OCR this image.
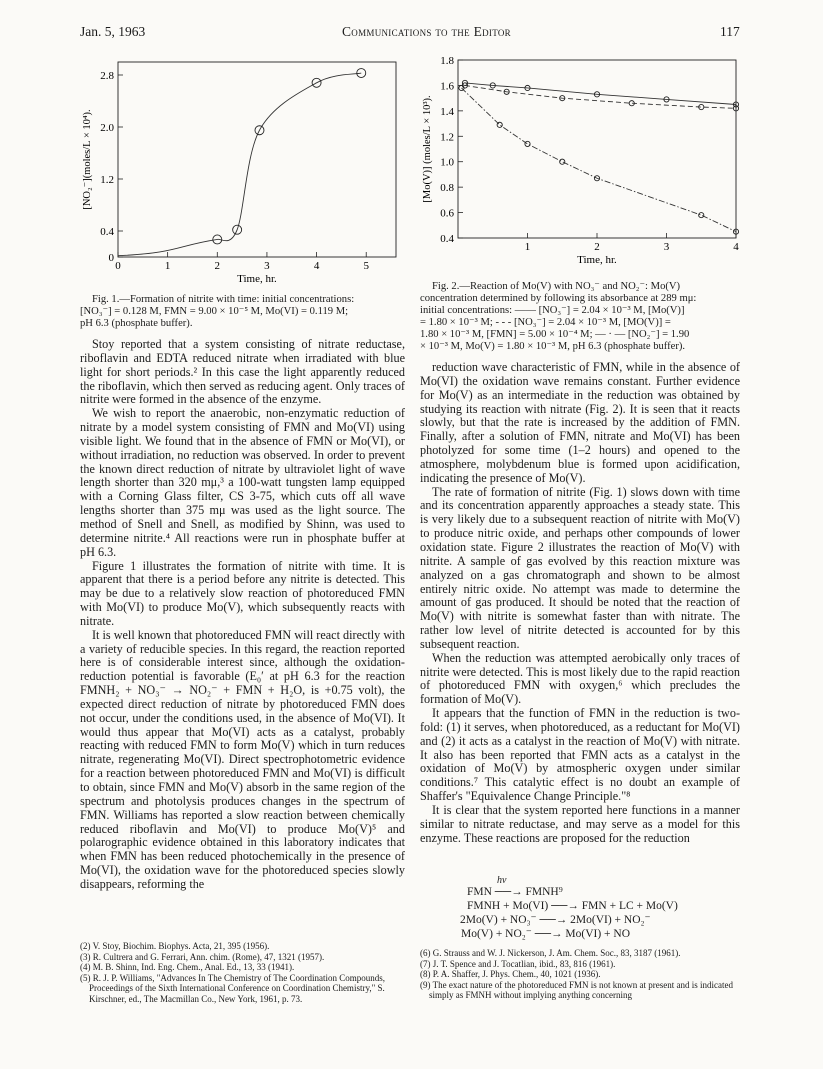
Jan. 5, 1963	Communications to the Editor	117
0	1	2	3	4	5
0
0.4
1.2
2.0
2.8
Time, hr.
[NO₂⁻](moles/L × 10⁴).
Fig. 1.—Formation of nitrite with time: initial concentrations:
[NO₃⁻] = 0.128 M, FMN = 9.00 × 10⁻⁵ M, Mo(VI) = 0.119 M;
pH 6.3 (phosphate buffer).
1	2	3	4
0.4
0.6
0.8
1.0
1.2
1.4
1.6
1.8
Time, hr.
[Mo(V)] (moles/L × 10³).
Fig. 2.—Reaction of Mo(V) with NO₃⁻ and NO₂⁻: Mo(V)
concentration determined by following its absorbance at 289 mμ:
initial concentrations: —— [NO₃⁻] = 2.04 × 10⁻³ M, [Mo(V)]
= 1.80 × 10⁻³ M; - - - [NO₃⁻] = 2.04 × 10⁻³ M, [MO(V)] =
1.80 × 10⁻³ M, [FMN] = 5.00 × 10⁻⁴ M; — · — [NO₂⁻] = 1.90
× 10⁻³ M, Mo(V) = 1.80 × 10⁻³ M, pH 6.3 (phosphate buffer).

Stoy reported that a system consisting of nitrate reductase, riboflavin and EDTA reduced nitrate when irradiated with blue light for short periods.² In this case the light apparently reduced the riboflavin, which then served as reducing agent. Only traces of nitrite were formed in the absence of the enzyme.

We wish to report the anaerobic, non-enzymatic reduction of nitrate by a model system consisting of FMN and Mo(VI) using visible light. We found that in the absence of FMN or Mo(VI), or without irradiation, no reduction was observed. In order to prevent the known direct reduction of nitrate by ultraviolet light of wave length shorter than 320 mμ,³ a 100-watt tungsten lamp equipped with a Corning Glass filter, CS 3-75, which cuts off all wave lengths shorter than 375 mμ was used as the light source. The method of Snell and Snell, as modified by Shinn, was used to determine nitrite.⁴ All reactions were run in phosphate buffer at pH 6.3.

Figure 1 illustrates the formation of nitrite with time. It is apparent that there is a period before any nitrite is detected. This may be due to a relatively slow reaction of photoreduced FMN with Mo(VI) to produce Mo(V), which subsequently reacts with nitrate.

It is well known that photoreduced FMN will react directly with a variety of reducible species. In this regard, the reaction reported here is of considerable interest since, although the oxidation-reduction potential is favorable (E₀′ at pH 6.3 for the reaction FMNH₂ + NO₃⁻ → NO₂⁻ + FMN + H₂O, is +0.75 volt), the expected direct reduction of nitrate by photoreduced FMN does not occur, under the conditions used, in the absence of Mo(VI). It would thus appear that Mo(VI) acts as a catalyst, probably reacting with reduced FMN to form Mo(V) which in turn reduces nitrate, regenerating Mo(VI). Direct spectrophotometric evidence for a reaction between photoreduced FMN and Mo(VI) is difficult to obtain, since FMN and Mo(V) absorb in the same region of the spectrum and photolysis produces changes in the spectrum of FMN. Williams has reported a slow reaction between chemically reduced riboflavin and Mo(VI) to produce Mo(V)⁵ and polarographic evidence obtained in this laboratory indicates that when FMN has been reduced photochemically in the presence of Mo(VI), the oxidation wave for the photoreduced species slowly disappears, reforming the

reduction wave characteristic of FMN, while in the absence of Mo(VI) the oxidation wave remains constant. Further evidence for Mo(V) as an intermediate in the reduction was obtained by studying its reaction with nitrate (Fig. 2). It is seen that it reacts slowly, but that the rate is increased by the addition of FMN. Finally, after a solution of FMN, nitrate and Mo(VI) has been photolyzed for some time (1–2 hours) and opened to the atmosphere, molybdenum blue is formed upon acidification, indicating the presence of Mo(V).

The rate of formation of nitrite (Fig. 1) slows down with time and its concentration apparently approaches a steady state. This is very likely due to a subsequent reaction of nitrite with Mo(V) to produce nitric oxide, and perhaps other compounds of lower oxidation state. Figure 2 illustrates the reaction of Mo(V) with nitrite. A sample of gas evolved by this reaction mixture was analyzed on a gas chromatograph and shown to be almost entirely nitric oxide. No attempt was made to determine the amount of gas produced. It should be noted that the reaction of Mo(V) with nitrite is somewhat faster than with nitrate. The rather low level of nitrite detected is accounted for by this subsequent reaction.

When the reduction was attempted aerobically only traces of nitrite were detected. This is most likely due to the rapid reaction of photoreduced FMN with oxygen,⁶ which precludes the formation of Mo(V).

It appears that the function of FMN in the reduction is two-fold: (1) it serves, when photoreduced, as a reductant for Mo(VI) and (2) it acts as a catalyst in the reaction of Mo(V) with nitrate. It also has been reported that FMN acts as a catalyst in the oxidation of Mo(V) by atmospheric oxygen under similar conditions.⁷ This catalytic effect is no doubt an example of Shaffer's "Equivalence Change Principle."⁸

It is clear that the system reported here functions in a manner similar to nitrate reductase, and may serve as a model for this enzyme. These reactions are proposed for the reduction

hν
FMN ──→ FMNH⁹
FMNH + Mo(VI) ──→ FMN + LC + Mo(V)
2Mo(V) + NO₃⁻ ──→ 2Mo(VI) + NO₂⁻
Mo(V) + NO₂⁻ ──→ Mo(VI) + NO
(2) V. Stoy, Biochim. Biophys. Acta, 21, 395 (1956).
(3) R. Cultrera and G. Ferrari, Ann. chim. (Rome), 47, 1321 (1957).
(4) M. B. Shinn, Ind. Eng. Chem., Anal. Ed., 13, 33 (1941).
(5) R. J. P. Williams, "Advances In The Chemistry of The Coordination Compounds, Proceedings of the Sixth International Conference on Coordination Chemistry," S. Kirschner, ed., The Macmillan Co., New York, 1961, p. 73.
(6) G. Strauss and W. J. Nickerson, J. Am. Chem. Soc., 83, 3187 (1961).
(7) J. T. Spence and J. Tocatlian, ibid., 83, 816 (1961).
(8) P. A. Shaffer, J. Phys. Chem., 40, 1021 (1936).
(9) The exact nature of the photoreduced FMN is not known at present and is indicated simply as FMNH without implying anything concerning
